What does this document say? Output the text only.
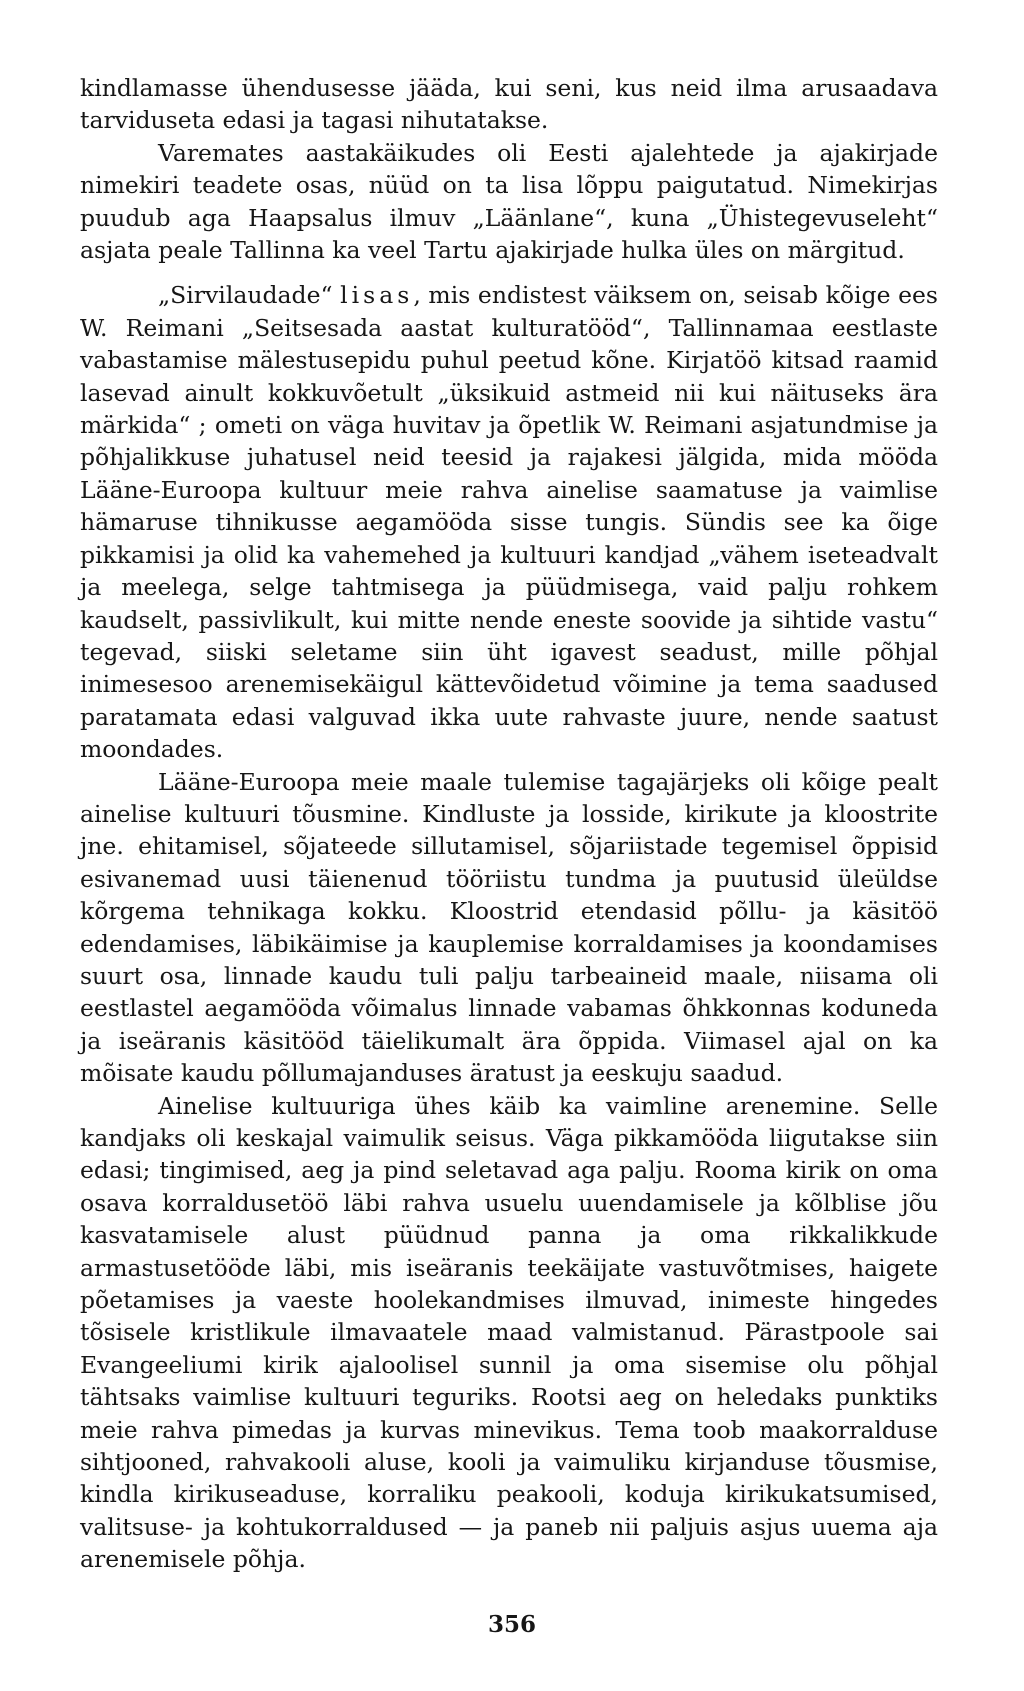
kindlamasse ühendusesse jääda, kui seni, kus neid ilma arusaadava tarviduseta edasi ja tagasi nihutatakse.

Varemates aastakäikudes oli Eesti ajalehtede ja ajakirjade nimekiri teadete osas, nüüd on ta lisa lõppu paigutatud. Nimekirjas puudub aga Haapsalus ilmuv „Läänlane“, kuna „Ühistegevuseleht“ asjata peale Tallinna ka veel Tartu ajakirjade hulka üles on märgitud.

„Sirvilaudade“ lisas, mis endistest väiksem on, seisab kõige ees W. Reimani „Seitsesada aastat kulturatööd“, Tallinnamaa eestlaste vabastamise mälestusepidu puhul peetud kõne. Kirjatöö kitsad raamid lasevad ainult kokkuvõetult „üksikuid astmeid nii kui näituseks ära märkida“ ; ometi on väga huvitav ja õpetlik W. Reimani asjatundmise ja põhjalikkuse juhatusel neid teesid ja rajakesi jälgida, mida mööda Lääne-Euroopa kultuur meie rahva ainelise saamatuse ja vaimlise hämaruse tihnikusse aegamööda sisse tungis. Sündis see ka õige pikkamisi ja olid ka vahemehed ja kultuuri kandjad „vähem iseteadvalt ja meelega, selge tahtmisega ja püüdmisega, vaid palju rohkem kaudselt, passivlikult, kui mitte nende eneste soovide ja sihtide vastu“ tegevad, siiski seletame siin üht igavest seadust, mille põhjal inimesesoo arenemisekäigul kättevõidetud võimine ja tema saadused paratamata edasi valguvad ikka uute rahvaste juure, nende saatust moondades.

Lääne-Euroopa meie maale tulemise tagajärjeks oli kõige pealt ainelise kultuuri tõusmine. Kindluste ja losside, kirikute ja kloostrite jne. ehitamisel, sõjateede sillutamisel, sõjariistade tegemisel õppisid esivanemad uusi täienenud tööriistu tundma ja puutusid üleüldse kõrgema tehnikaga kokku. Kloostrid etendasid põllu- ja käsitöö edendamises, läbikäimise ja kauplemise korraldamises ja koondamises suurt osa, linnade kaudu tuli palju tarbeaineid maale, niisama oli eestlastel aegamööda võimalus linnade vabamas õhkkonnas koduneda ja iseäranis käsitööd täielikumalt ära õppida. Viimasel ajal on ka mõisate kaudu põllumajanduses äratust ja eeskuju saadud.

Ainelise kultuuriga ühes käib ka vaimline arenemine. Selle kandjaks oli keskajal vaimulik seisus. Väga pikkamööda liigutakse siin edasi; tingimised, aeg ja pind seletavad aga palju. Rooma kirik on oma osava korraldusetöö läbi rahva usuelu uuendamisele ja kõlblise jõu kasvatamisele alust püüdnud panna ja oma rikkalikkude armastusetööde läbi, mis iseäranis teekäijate vastuvõtmises, haigete põetamises ja vaeste hoolekandmises ilmuvad, inimeste hingedes tõsisele kristlikule ilmavaatele maad valmistanud. Pärastpoole sai Evangeeliumi kirik ajaloolisel sunnil ja oma sisemise olu põhjal tähtsaks vaimlise kultuuri teguriks. Rootsi aeg on heledaks punktiks meie rahva pimedas ja kurvas minevikus. Tema toob maakorralduse sihtjooned, rahvakooli aluse, kooli ja vaimuliku kirjanduse tõusmise, kindla kirikuseaduse, korraliku peakooli, koduja kirikukatsumised, valitsuse- ja kohtukorraldused — ja paneb nii paljuis asjus uuema aja arenemisele põhja.

356
